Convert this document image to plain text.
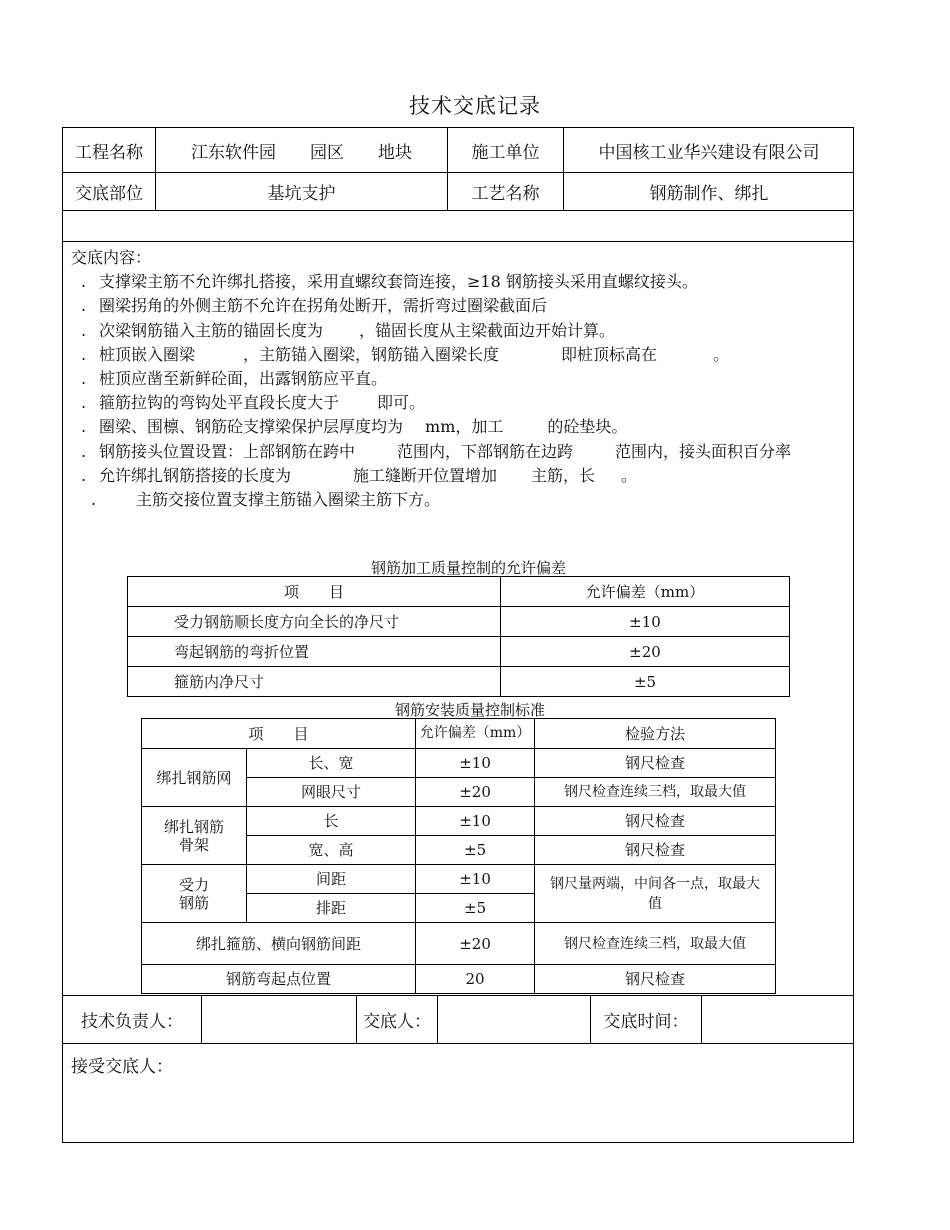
技术交底记录
工程名称	江东软件园 园区 地块	施工单位	中国核工业华兴建设有限公司
交底部位	基坑支护	工艺名称	钢筋制作、绑扎
交底内容：
. 支撑梁主筋不允许绑扎搭接，采用直螺纹套筒连接，≥18 钢筋接头采用直螺纹接头。
. 圈梁拐角的外侧主筋不允许在拐角处断开，需折弯过圈梁截面后
. 次梁钢筋锚入主筋的锚固长度为 ，锚固长度从主梁截面边开始计算。
. 桩顶嵌入圈梁	，主筋锚入圈梁，钢筋锚入圈梁长度	即桩顶标高在	。
. 桩顶应凿至新鲜砼面，出露钢筋应平直。
. 箍筋拉钩的弯钩处平直段长度大于 即可。
. 圈梁、围檩、钢筋砼支撑梁保护层厚度均为 mm，加工	的砼垫块。
. 钢筋接头位置设置：上部钢筋在跨中	范围内，下部钢筋在边跨	范围内，接头面积百分率
. 允许绑扎钢筋搭接的长度为	施工缝断开位置增加 主筋，长 。
. 主筋交接位置支撑主筋锚入圈梁主筋下方。
钢筋加工质量控制的允许偏差
项　　目	允许偏差（mm）
受力钢筋顺长度方向全长的净尺寸	±10
弯起钢筋的弯折位置	±20
箍筋内净尺寸	±5
钢筋安装质量控制标准
项　　目		允许偏差（mm）	检验方法
绑扎钢筋网	长、宽	±10	钢尺检查
	网眼尺寸	±20	钢尺检查连续三档，取最大值
绑扎钢筋骨架	长	±10	钢尺检查
	宽、高	±5	钢尺检查
受力钢筋	间距	±10	钢尺量两端，中间各一点，取最大值
	排距	±5	
绑扎箍筋、横向钢筋间距		±20	钢尺检查连续三档，取最大值
钢筋弯起点位置		20	钢尺检查
技术负责人：	交底人：	交底时间：
接受交底人：
